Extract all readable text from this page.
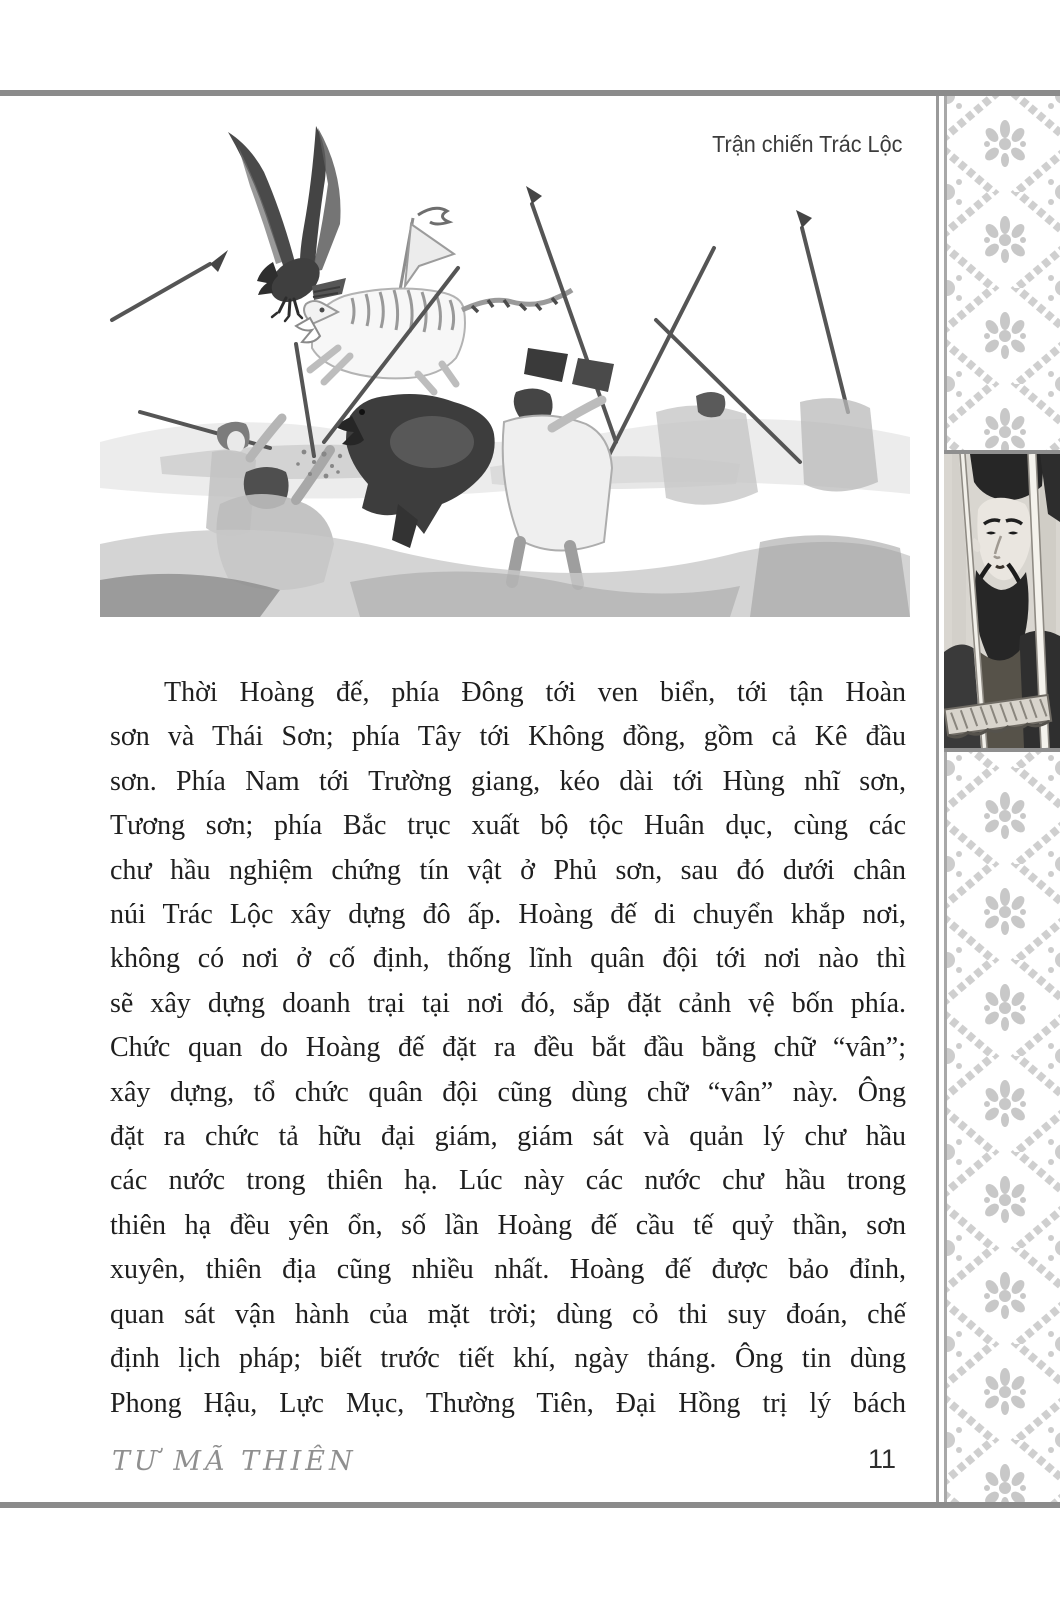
Trận chiến Trác Lộc
Thời Hoàng đế, phía Đông tới ven biển, tới tận Hoàn
sơn và Thái Sơn; phía Tây tới Không đồng, gồm cả Kê đầu
sơn. Phía Nam tới Trường giang, kéo dài tới Hùng nhĩ sơn,
Tương sơn; phía Bắc trục xuất bộ tộc Huân dục, cùng các
chư hầu nghiệm chứng tín vật ở Phủ sơn, sau đó dưới chân
núi Trác Lộc xây dựng đô ấp. Hoàng đế di chuyển khắp nơi,
không có nơi ở cố định, thống lĩnh quân đội tới nơi nào thì
sẽ xây dựng doanh trại tại nơi đó, sắp đặt cảnh vệ bốn phía.
Chức quan do Hoàng đế đặt ra đều bắt đầu bằng chữ “vân”;
xây dựng, tổ chức quân đội cũng dùng chữ “vân” này. Ông
đặt ra chức tả hữu đại giám, giám sát và quản lý chư hầu
các nước trong thiên hạ. Lúc này các nước chư hầu trong
thiên hạ đều yên ổn, số lần Hoàng đế cầu tế quỷ thần, sơn
xuyên, thiên địa cũng nhiều nhất. Hoàng đế được bảo đỉnh,
quan sát vận hành của mặt trời; dùng cỏ thi suy đoán, chế
định lịch pháp; biết trước tiết khí, ngày tháng. Ông tin dùng
Phong Hậu, Lực Mục, Thường Tiên, Đại Hồng trị lý bách
TƯ MÃ THIÊN	11
